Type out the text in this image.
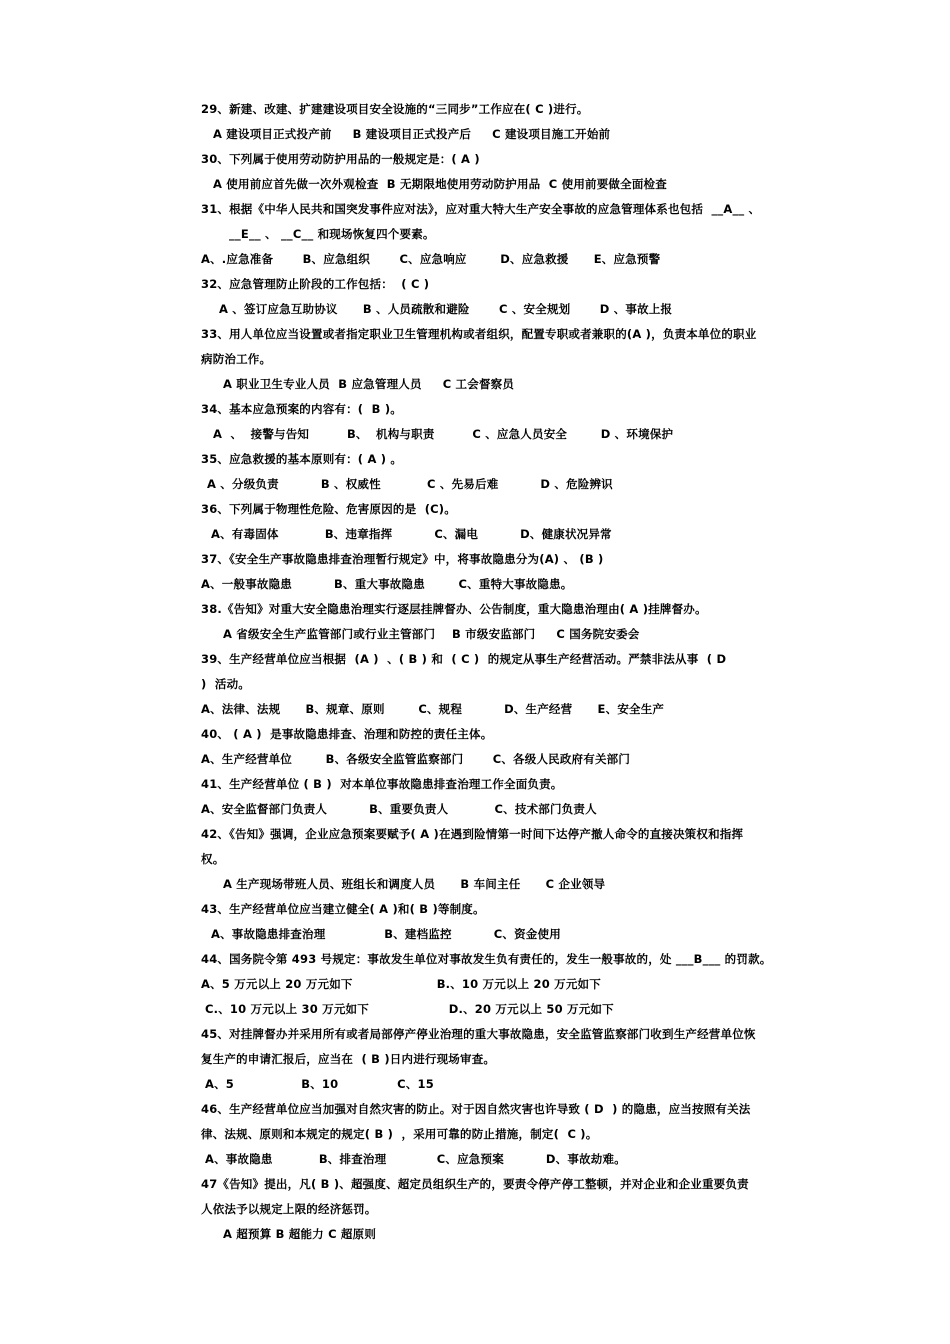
29、新建、改建、扩建建设项目安全设施的“三同步”工作应在( C )进行。
A 建设项目正式投产前     B 建设项目正式投产后     C 建设项目施工开始前
30、下列属于使用劳动防护用品的一般规定是：( A )
A 使用前应首先做一次外观检查  B 无期限地使用劳动防护用品  C 使用前要做全面检查
31、根据《中华人民共和国突发事件应对法》，应对重大特大生产安全事故的应急管理体系也包括  __A__ 、
__E__ 、 __C__ 和现场恢复四个要素。
A、.应急准备       B、应急组织       C、应急响应        D、应急救援      E、应急预警
32、应急管理防止阶段的工作包括：  ( C )
A 、签订应急互助协议      B 、人员疏散和避险       C 、安全规划       D 、事故上报
33、用人单位应当设置或者指定职业卫生管理机构或者组织，配置专职或者兼职的(A )，负责本单位的职业
病防治工作。
A 职业卫生专业人员  B 应急管理人员     C 工会督察员
34、基本应急预案的内容有：(  B )。
A  、  接警与告知         B、  机构与职责         C 、应急人员安全        D 、环境保护
35、应急救援的基本原则有：( A ) 。
A 、分级负责          B 、权威性           C 、先易后难          D 、危险辨识
36、下列属于物理性危险、危害原因的是  (C)。
A、有毒固体           B、违章指挥          C、漏电          D、健康状况异常
37、《安全生产事故隐患排查治理暂行规定》中，将事故隐患分为(A) 、 (B )
A、一般事故隐患          B、重大事故隐患        C、重特大事故隐患。
38.《告知》对重大安全隐患治理实行逐层挂牌督办、公告制度，重大隐患治理由( A )挂牌督办。
A 省级安全生产监管部门或行业主管部门    B 市级安监部门     C 国务院安委会
39、生产经营单位应当根据  (A )  、( B ) 和  ( C )  的规定从事生产经营活动。严禁非法从事  ( D
)  活动。
A、法律、法规      B、规章、原则        C、规程          D、生产经营      E、安全生产
40、 ( A )  是事故隐患排查、治理和防控的责任主体。
A、生产经营单位        B、各级安全监管监察部门       C、各级人民政府有关部门
41、生产经营单位 ( B )  对本单位事故隐患排查治理工作全面负责。
A、安全监督部门负责人          B、重要负责人           C、技术部门负责人
42、《告知》强调，企业应急预案要赋予( A )在遇到险情第一时间下达停产撤人命令的直接决策权和指挥
权。
A 生产现场带班人员、班组长和调度人员      B 车间主任      C 企业领导
43、生产经营单位应当建立健全( A )和( B )等制度。
A、事故隐患排查治理              B、建档监控          C、资金使用
44、国务院令第 493 号规定：事故发生单位对事故发生负有责任的，发生一般事故的，处 ___B___ 的罚款。
A、5 万元以上 20 万元如下                    B.、10 万元以上 20 万元如下
C.、10 万元以上 30 万元如下                   D.、20 万元以上 50 万元如下
45、对挂牌督办并采用所有或者局部停产停业治理的重大事故隐患，安全监管监察部门收到生产经营单位恢
复生产的申请汇报后，应当在  ( B )日内进行现场审查。
A、5                B、10              C、15
46、生产经营单位应当加强对自然灾害的防止。对于因自然灾害也许导致 ( D  ) 的隐患，应当按照有关法
律、法规、原则和本规定的规定( B )  ，采用可靠的防止措施，制定(  C )。
A、事故隐患           B、排查治理            C、应急预案          D、事故劫难。
47《告知》提出，凡( B )、超强度、超定员组织生产的，要责令停产停工整顿，并对企业和企业重要负责
人依法予以规定上限的经济惩罚。
A 超预算 B 超能力 C 超原则
